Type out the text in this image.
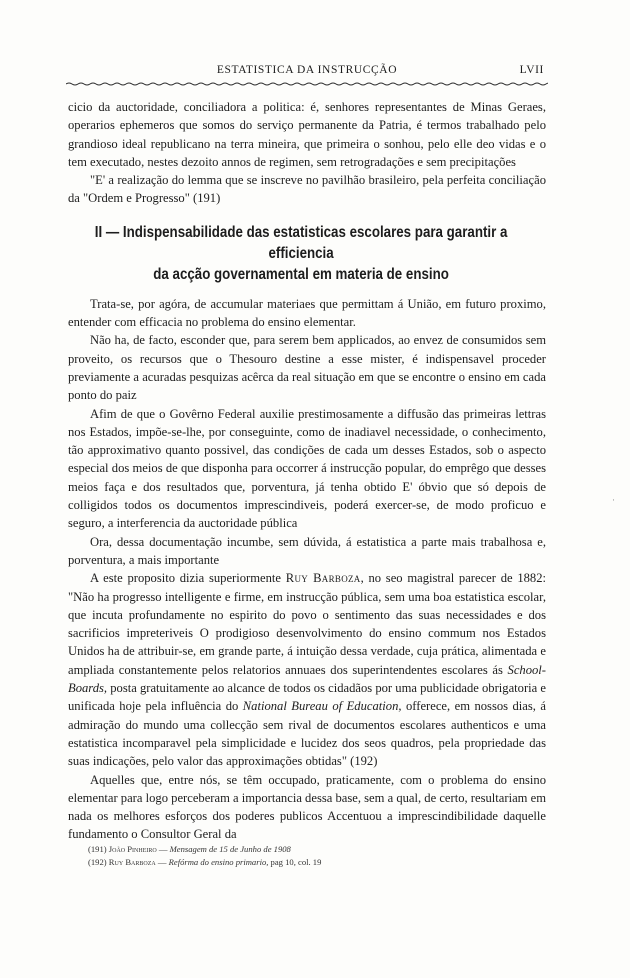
ESTATISTICA DA INSTRUCÇÃO	LVII

cicio da auctoridade, conciliadora a politica: é, senhores representantes de Minas Geraes, operarios ephemeros que somos do serviço permanente da Patria, é termos trabalhado pelo grandioso ideal republicano na terra mineira, que primeira o sonhou, pelo elle deo vidas e o tem executado, nestes dezoito annos de regimen, sem retrogradações e sem precipitações

"E' a realização do lemma que se inscreve no pavilhão brasileiro, pela perfeita conciliação da "Ordem e Progresso" (191)

II — Indispensabilidade das estatisticas escolares para garantir a efficiencia
da acção governamental em materia de ensino

Trata-se, por agóra, de accumular materiaes que permittam á União, em futuro proximo, entender com efficacia no problema do ensino elementar.

Não ha, de facto, esconder que, para serem bem applicados, ao envez de consumidos sem proveito, os recursos que o Thesouro destine a esse mister, é indispensavel proceder previamente a acuradas pesquizas acêrca da real situação em que se encontre o ensino em cada ponto do paiz

Afim de que o Govêrno Federal auxilie prestimosamente a diffusão das primeiras lettras nos Estados, impõe-se-lhe, por conseguinte, como de inadiavel necessidade, o conhecimento, tão approximativo quanto possivel, das condições de cada um desses Estados, sob o aspecto especial dos meios de que disponha para occorrer á instrucção popular, do emprêgo que desses meios faça e dos resultados que, porventura, já tenha obtido E' óbvio que só depois de colligidos todos os documentos imprescindiveis, poderá exercer-se, de modo proficuo e seguro, a interferencia da auctoridade pública

Ora, dessa documentação incumbe, sem dúvida, á estatistica a parte mais trabalhosa e, porventura, a mais importante

A este proposito dizia superiormente Ruy Barboza, no seo magistral parecer de 1882: "Não ha progresso intelligente e firme, em instrucção pública, sem uma boa estatistica escolar, que incuta profundamente no espirito do povo o sentimento das suas necessidades e dos sacrificios impreteriveis O prodigioso desenvolvimento do ensino commum nos Estados Unidos ha de attribuir-se, em grande parte, á intuição dessa verdade, cuja prática, alimentada e ampliada constantemente pelos relatorios annuaes dos superintendentes escolares ás School-Boards, posta gratuitamente ao alcance de todos os cidadãos por uma publicidade obrigatoria e unificada hoje pela influência do National Bureau of Education, offerece, em nossos dias, á admiração do mundo uma collecção sem rival de documentos escolares authenticos e uma estatistica incomparavel pela simplicidade e lucidez dos seos quadros, pela propriedade das suas indicações, pelo valor das approximações obtidas" (192)

Aquelles que, entre nós, se têm occupado, praticamente, com o problema do ensino elementar para logo perceberam a importancia dessa base, sem a qual, de certo, resultariam em nada os melhores esforços dos poderes publicos Accentuou a imprescindibilidade daquelle fundamento o Consultor Geral da

·

(191) João Pinheiro — Mensagem de 15 de Junho de 1908

(192) Ruy Barboza — Refórma do ensino primario, pag 10, col. 19
